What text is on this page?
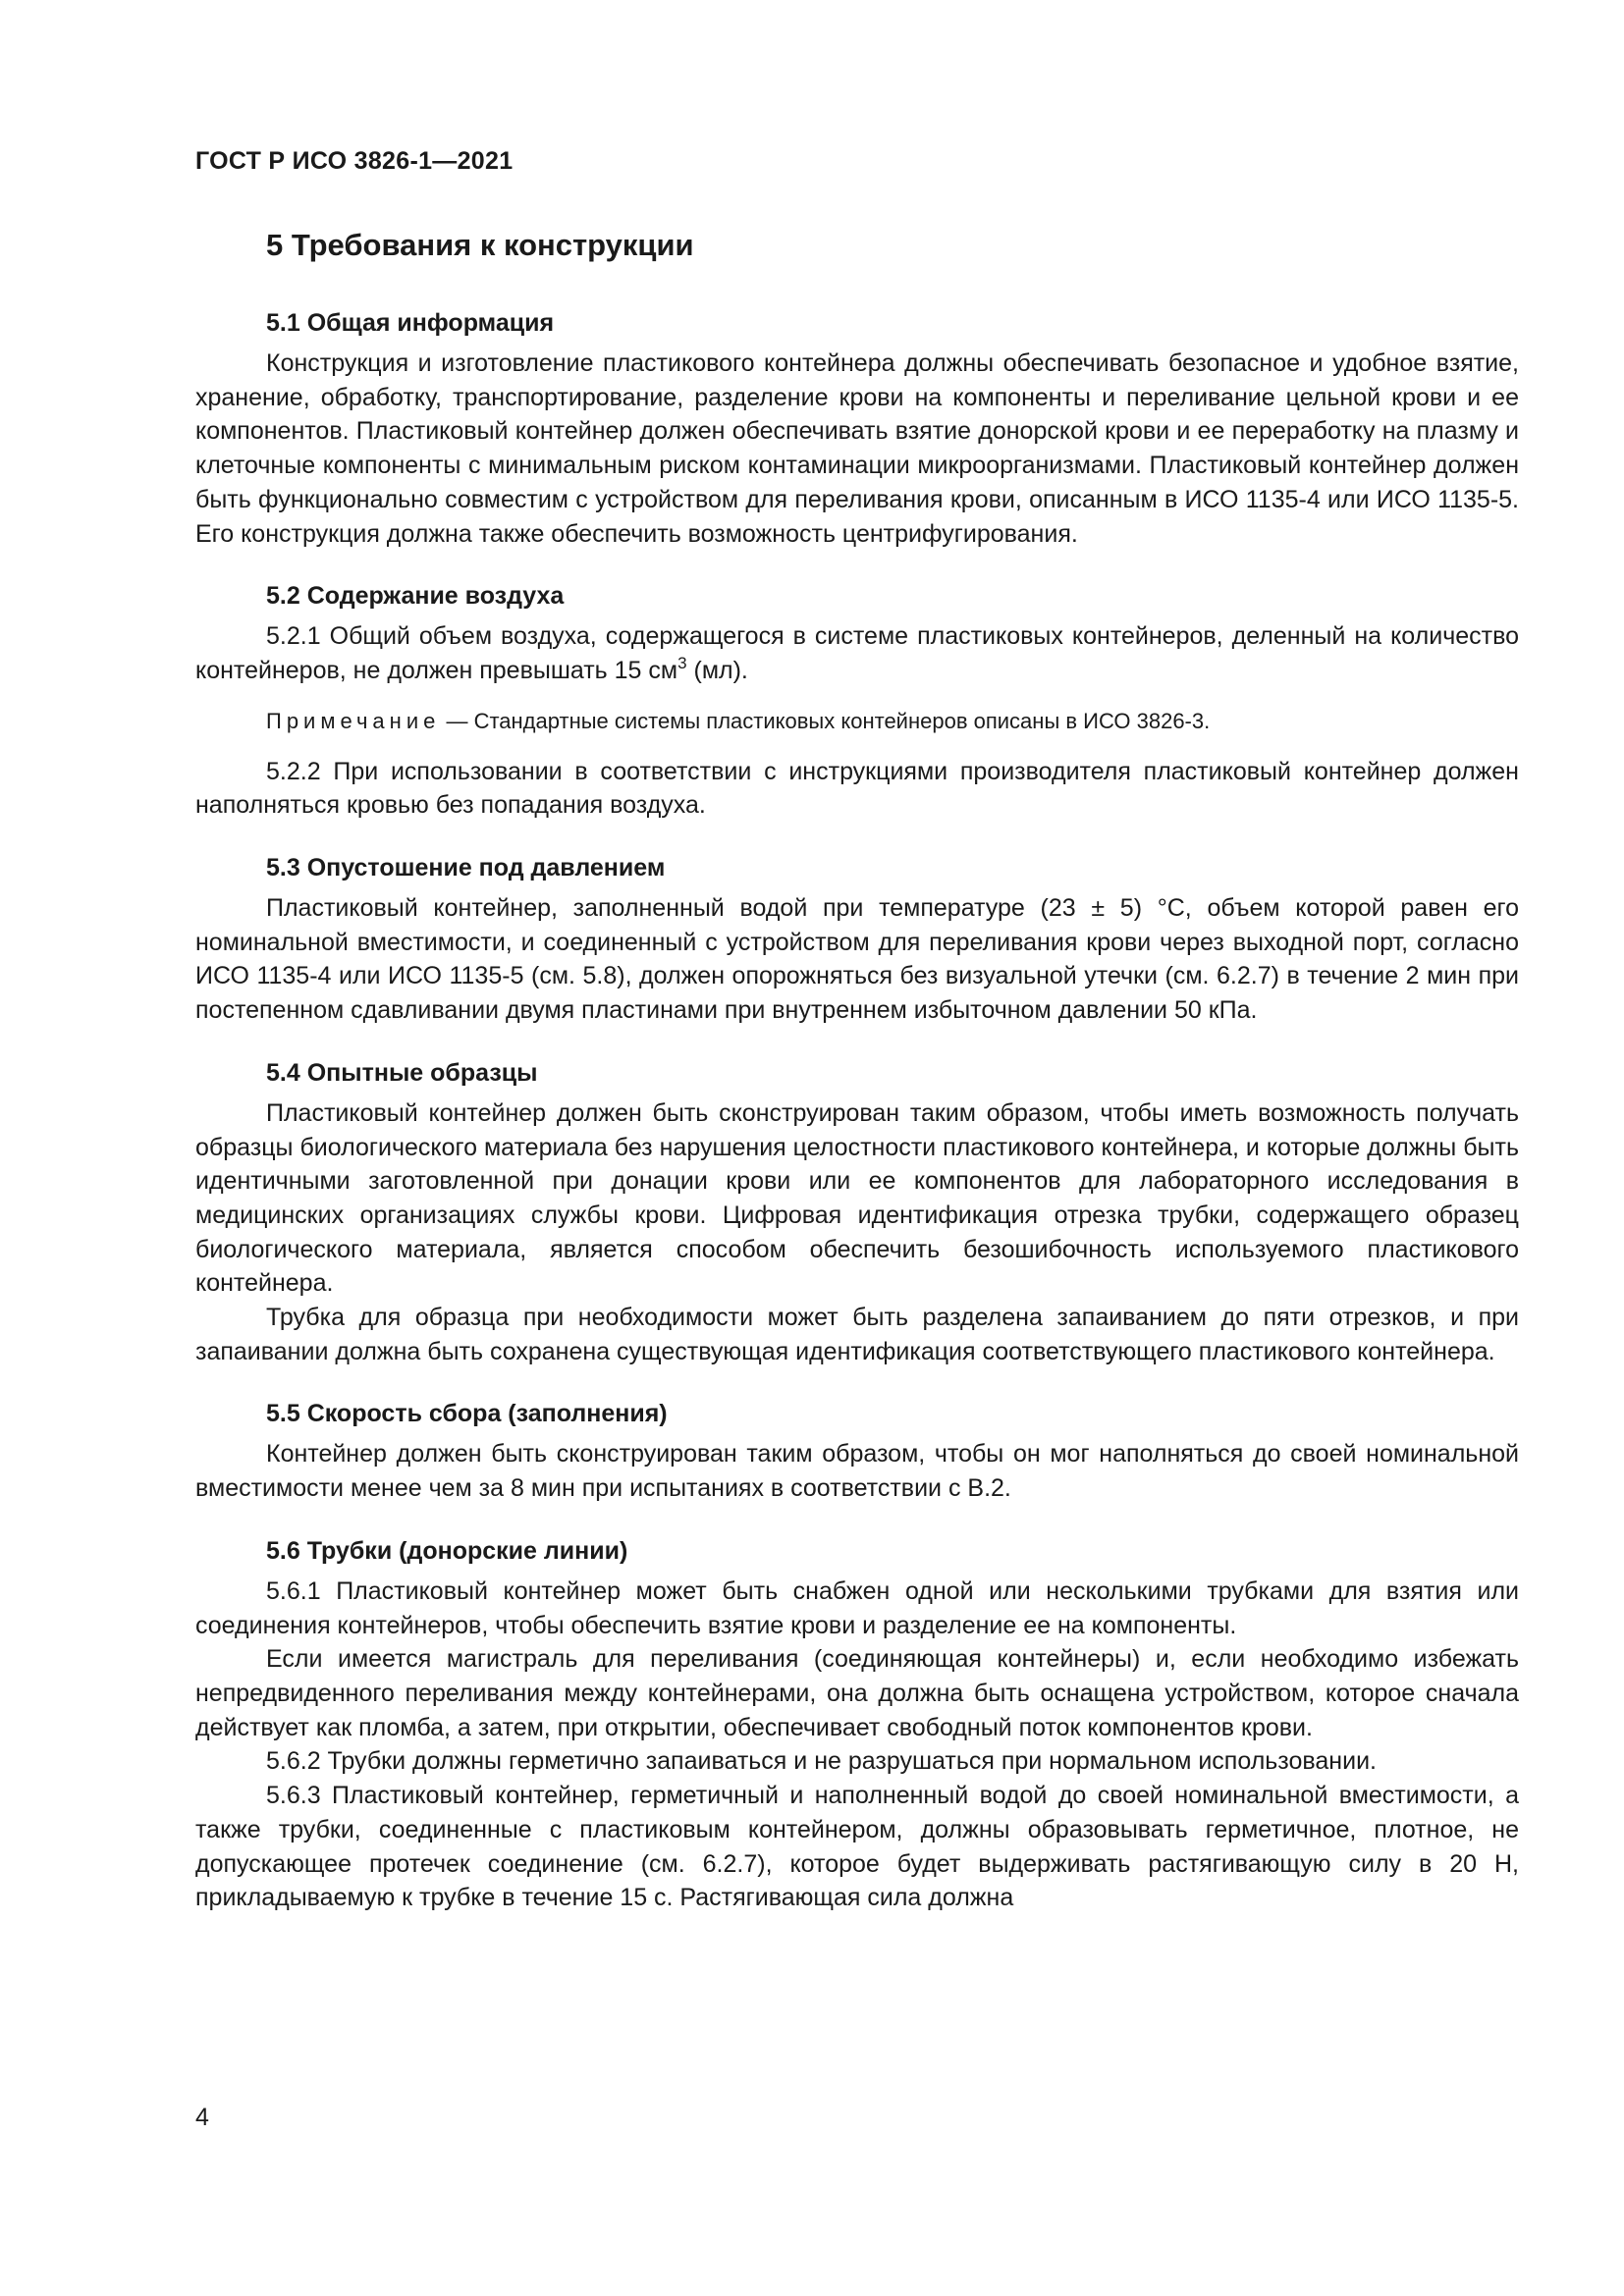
ГОСТ Р ИСО 3826-1—2021
5 Требования к конструкции
5.1 Общая информация

Конструкция и изготовление пластикового контейнера должны обеспечивать безопасное и удобное взятие, хранение, обработку, транспортирование, разделение крови на компоненты и переливание цельной крови и ее компонентов. Пластиковый контейнер должен обеспечивать взятие донорской крови и ее переработку на плазму и клеточные компоненты с минимальным риском контаминации микроорганизмами. Пластиковый контейнер должен быть функционально совместим с устройством для переливания крови, описанным в ИСО 1135-4 или ИСО 1135-5. Его конструкция должна также обеспечить возможность центрифугирования.

5.2 Содержание воздуха

5.2.1 Общий объем воздуха, содержащегося в системе пластиковых контейнеров, деленный на количество контейнеров, не должен превышать 15 $см^3$ (мл).

Примечание — Стандартные системы пластиковых контейнеров описаны в ИСО 3826-3.

5.2.2 При использовании в соответствии с инструкциями производителя пластиковый контейнер должен наполняться кровью без попадания воздуха.

5.3 Опустошение под давлением

Пластиковый контейнер, заполненный водой при температуре (23 ± 5) °С, объем которой равен его номинальной вместимости, и соединенный с устройством для переливания крови через выходной порт, согласно ИСО 1135-4 или ИСО 1135-5 (см. 5.8), должен опорожняться без визуальной утечки (см. 6.2.7) в течение 2 мин при постепенном сдавливании двумя пластинами при внутреннем избыточном давлении 50 кПа.

5.4 Опытные образцы

Пластиковый контейнер должен быть сконструирован таким образом, чтобы иметь возможность получать образцы биологического материала без нарушения целостности пластикового контейнера, и которые должны быть идентичными заготовленной при донации крови или ее компонентов для лабораторного исследования в медицинских организациях службы крови. Цифровая идентификация отрезка трубки, содержащего образец биологического материала, является способом обеспечить безошибочность используемого пластикового контейнера.

Трубка для образца при необходимости может быть разделена запаиванием до пяти отрезков, и при запаивании должна быть сохранена существующая идентификация соответствующего пластикового контейнера.

5.5 Скорость сбора (заполнения)

Контейнер должен быть сконструирован таким образом, чтобы он мог наполняться до своей номинальной вместимости менее чем за 8 мин при испытаниях в соответствии с В.2.

5.6 Трубки (донорские линии)

5.6.1 Пластиковый контейнер может быть снабжен одной или несколькими трубками для взятия или соединения контейнеров, чтобы обеспечить взятие крови и разделение ее на компоненты.

Если имеется магистраль для переливания (соединяющая контейнеры) и, если необходимо избежать непредвиденного переливания между контейнерами, она должна быть оснащена устройством, которое сначала действует как пломба, а затем, при открытии, обеспечивает свободный поток компонентов крови.

5.6.2 Трубки должны герметично запаиваться и не разрушаться при нормальном использовании.

5.6.3 Пластиковый контейнер, герметичный и наполненный водой до своей номинальной вместимости, а также трубки, соединенные с пластиковым контейнером, должны образовывать герметичное, плотное, не допускающее протечек соединение (см. 6.2.7), которое будет выдерживать растягивающую силу в 20 Н, прикладываемую к трубке в течение 15 с. Растягивающая сила должна

4
